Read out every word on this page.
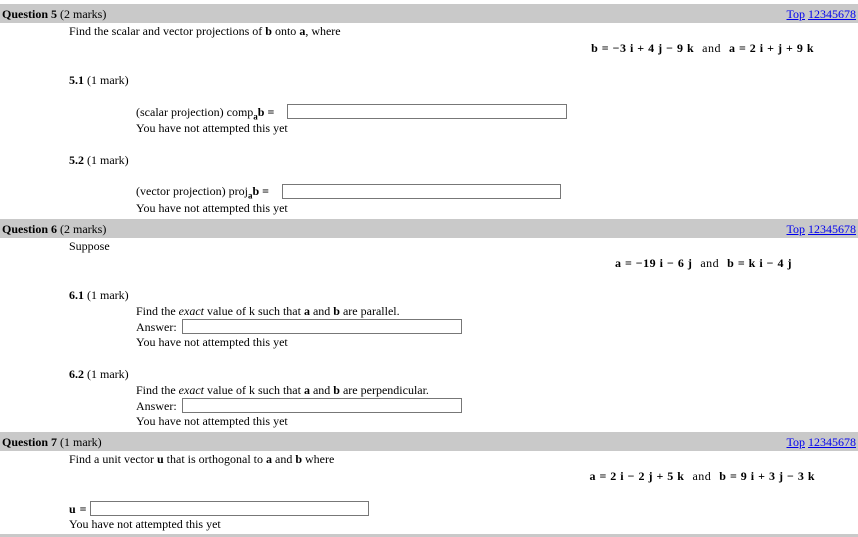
Question 5 (2 marks)	Top 12345678
Find the scalar and vector projections of b onto a, where
b = −3 i + 4 j − 9 k and a = 2 i + j + 9 k
5.1 (1 mark)
(scalar projection) comp$_a$b =
You have not attempted this yet
5.2 (1 mark)
(vector projection) proj$_a$b =
You have not attempted this yet
Question 6 (2 marks)	Top 12345678
Suppose
a = −19 i − 6 j and b = k i − 4 j
6.1 (1 mark)
Find the exact value of k such that a and b are parallel.
Answer:
You have not attempted this yet
6.2 (1 mark)
Find the exact value of k such that a and b are perpendicular.
Answer:
You have not attempted this yet
Question 7 (1 mark)	Top 12345678
Find a unit vector u that is orthogonal to a and b where
a = 2 i − 2 j + 5 k and b = 9 i + 3 j − 3 k
u =
You have not attempted this yet
